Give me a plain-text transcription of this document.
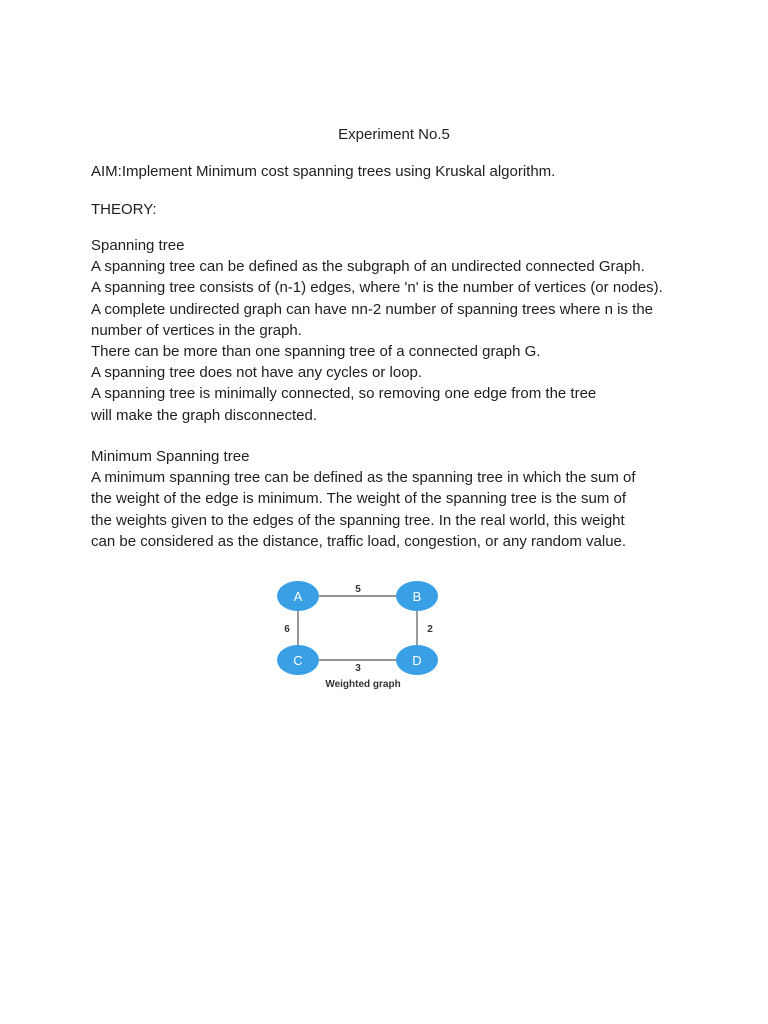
Experiment No.5
AIM:Implement Minimum cost spanning trees using Kruskal algorithm.
THEORY:
Spanning tree
A spanning tree can be defined as the subgraph of an undirected connected Graph.
A spanning tree consists of (n-1) edges, where 'n' is the number of vertices (or nodes).
A complete undirected graph can have nn-2 number of spanning trees where n is the
number of vertices in the graph.
There can be more than one spanning tree of a connected graph G.
A spanning tree does not have any cycles or loop.
A spanning tree is minimally connected, so removing one edge from the tree
will make the graph disconnected.
Minimum Spanning tree
A minimum spanning tree can be defined as the spanning tree in which the sum of
the weight of the edge is minimum. The weight of the spanning tree is the sum of
the weights given to the edges of the spanning tree. In the real world, this weight
can be considered as the distance, traffic load, congestion, or any random value.
5
6	2
3
A	B
C	D
Weighted graph
